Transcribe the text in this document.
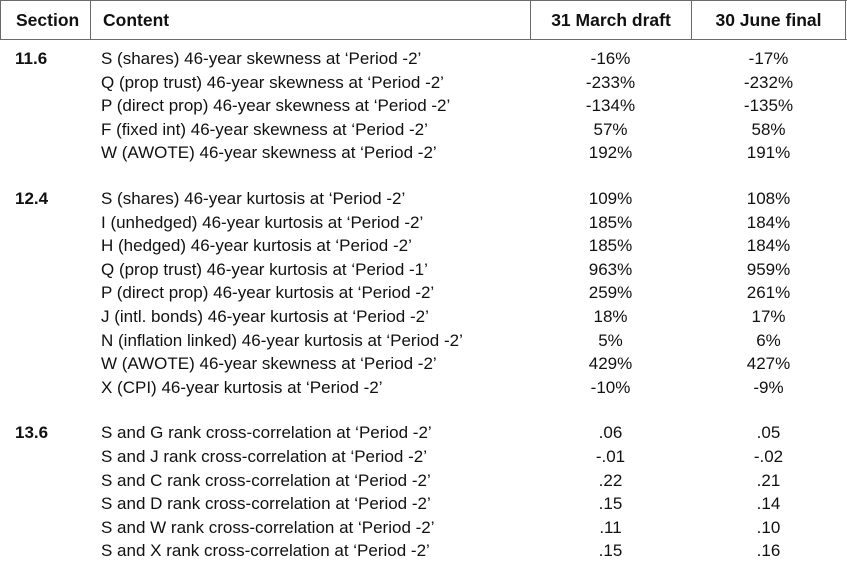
Section	Content	31 March draft	30 June final
11.6	S (shares) 46-year skewness at ‘Period -2’	-16%	-17%
Q (prop trust) 46-year skewness at ‘Period -2’	-233%	-232%
P (direct prop) 46-year skewness at ‘Period -2’	-134%	-135%
F (fixed int) 46-year skewness at ‘Period -2’	57%	58%
W (AWOTE) 46-year skewness at ‘Period -2’	192%	191%
12.4	S (shares) 46-year kurtosis at ‘Period -2’	109%	108%
I (unhedged) 46-year kurtosis at ‘Period -2’	185%	184%
H (hedged) 46-year kurtosis at ‘Period -2’	185%	184%
Q (prop trust) 46-year kurtosis at ‘Period -1’	963%	959%
P (direct prop) 46-year kurtosis at ‘Period -2’	259%	261%
J (intl. bonds) 46-year kurtosis at ‘Period -2’	18%	17%
N (inflation linked) 46-year kurtosis at ‘Period -2’	5%	6%
W (AWOTE) 46-year skewness at ‘Period -2’	429%	427%
X (CPI) 46-year kurtosis at ‘Period -2’	-10%	-9%
13.6	S and G rank cross-correlation at ‘Period -2’	.06	.05
S and J rank cross-correlation at ‘Period -2’	-.01	-.02
S and C rank cross-correlation at ‘Period -2’	.22	.21
S and D rank cross-correlation at ‘Period -2’	.15	.14
S and W rank cross-correlation at ‘Period -2’	.11	.10
S and X rank cross-correlation at ‘Period -2’	.15	.16
